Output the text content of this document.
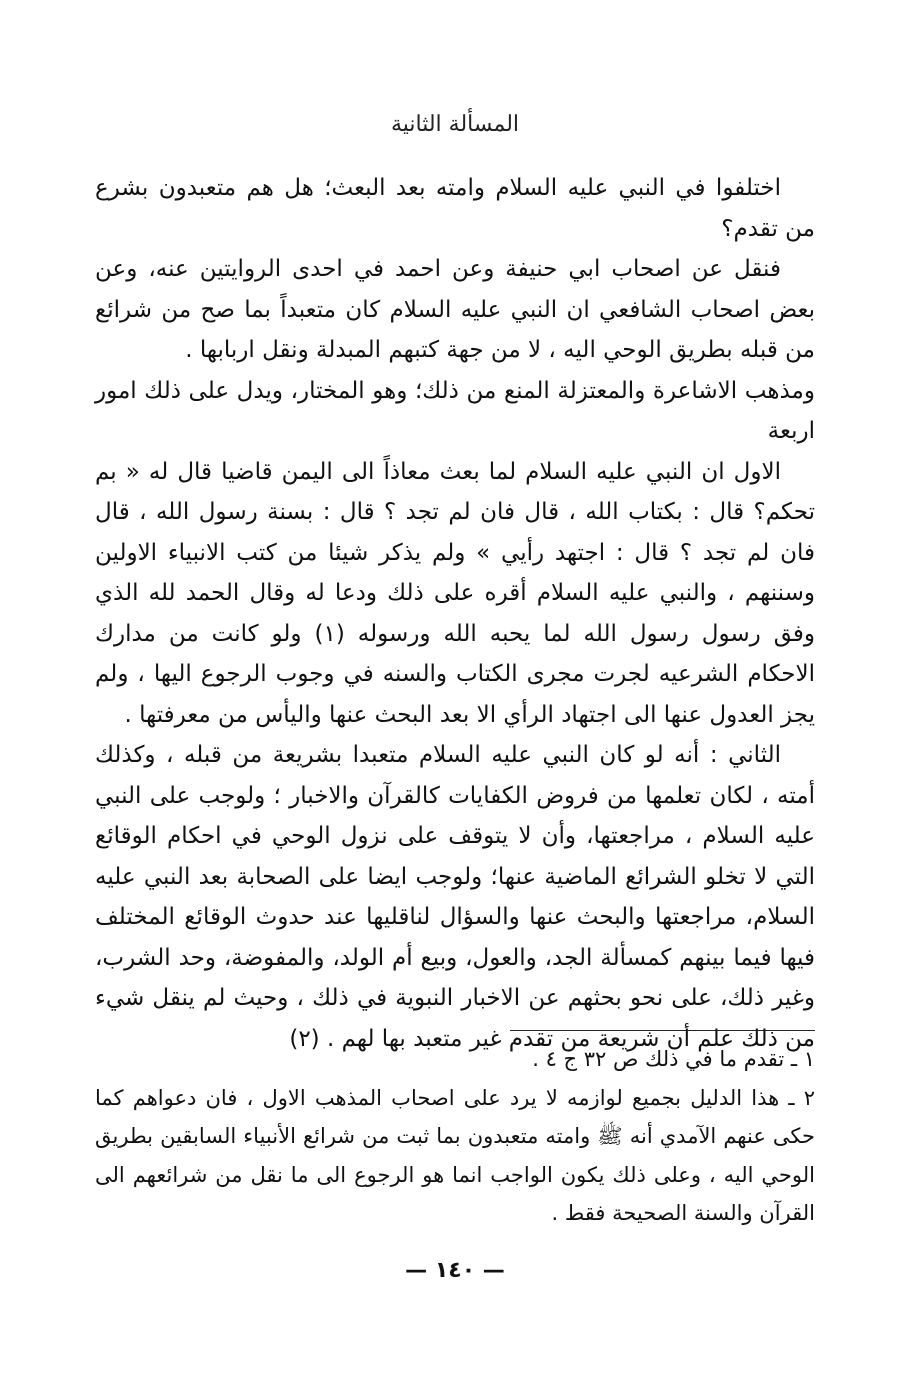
المسألة الثانية

اختلفوا في النبي عليه السلام وامته بعد البعث؛ هل هم متعبدون بشرع من تقدم؟

فنقل عن اصحاب ابي حنيفة وعن احمد في احدى الروايتين عنه، وعن بعض اصحاب الشافعي ان النبي عليه السلام كان متعبداً بما صح من شرائع من قبله بطريق الوحي اليه ، لا من جهة كتبهم المبدلة ونقل اربابها .

ومذهب الاشاعرة والمعتزلة المنع من ذلك؛ وهو المختار، ويدل على ذلك امور اربعة

الاول ان النبي عليه السلام لما بعث معاذاً الى اليمن قاضيا قال له « بم تحكم؟ قال : بكتاب الله ، قال فان لم تجد ؟ قال : بسنة رسول الله ، قال فان لم تجد ؟ قال : اجتهد رأيي » ولم يذكر شيئا من كتب الانبياء الاولين وسننهم ، والنبي عليه السلام أقره على ذلك ودعا له وقال الحمد لله الذي وفق رسول رسول الله لما يحبه الله ورسوله (١) ولو كانت من مدارك الاحكام الشرعيه لجرت مجرى الكتاب والسنه في وجوب الرجوع اليها ، ولم يجز العدول عنها الى اجتهاد الرأي الا بعد البحث عنها واليأس من معرفتها .

الثاني : أنه لو كان النبي عليه السلام متعبدا بشريعة من قبله ، وكذلك أمته ، لكان تعلمها من فروض الكفايات كالقرآن والاخبار ؛ ولوجب على النبي عليه السلام ، مراجعتها، وأن لا يتوقف على نزول الوحي في احكام الوقائع التي لا تخلو الشرائع الماضية عنها؛ ولوجب ايضا على الصحابة بعد النبي عليه السلام، مراجعتها والبحث عنها والسؤال لناقليها عند حدوث الوقائع المختلف فيها فيما بينهم كمسألة الجد، والعول، وبيع أم الولد، والمفوضة، وحد الشرب، وغير ذلك، على نحو بحثهم عن الاخبار النبوية في ذلك ، وحيث لم ينقل شيء من ذلك علم أن شريعة من تقدم غير متعبد بها لهم . (٢)

١ ـ تقدم ما في ذلك ص ٣٢ ج ٤ .

٢ ـ هذا الدليل بجميع لوازمه لا يرد على اصحاب المذهب الاول ، فان دعواهم كما حكى عنهم الآمدي أنه ﷺ وامته متعبدون بما ثبت من شرائع الأنبياء السابقين بطريق الوحي اليه ، وعلى ذلك يكون الواجب انما هو الرجوع الى ما نقل من شرائعهم الى القرآن والسنة الصحيحة فقط .

— ١٤٠ —
